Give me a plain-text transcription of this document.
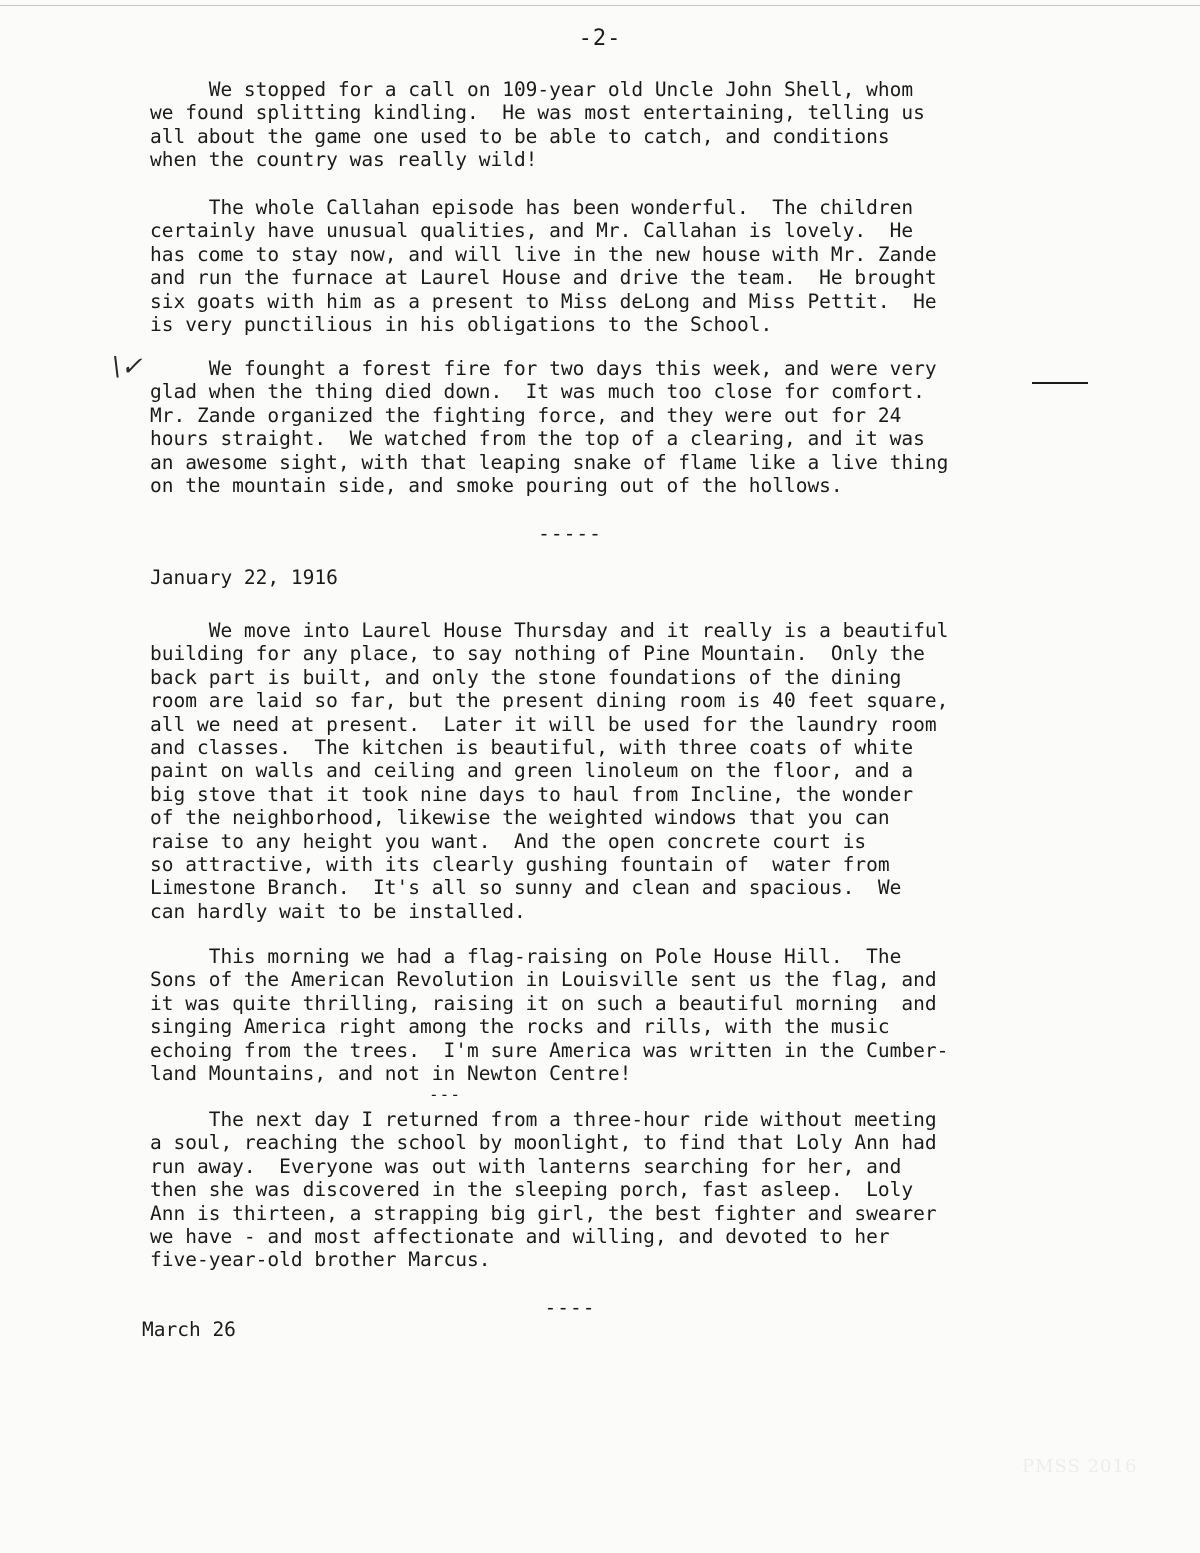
-2-
We stopped for a call on 109-year old Uncle John Shell, whom
we found splitting kindling.  He was most entertaining, telling us
all about the game one used to be able to catch, and conditions
when the country was really wild!
The whole Callahan episode has been wonderful.  The children
certainly have unusual qualities, and Mr. Callahan is lovely.  He
has come to stay now, and will live in the new house with Mr. Zande
and run the furnace at Laurel House and drive the team.  He brought
six goats with him as a present to Miss deLong and Miss Pettit.  He
is very punctilious in his obligations to the School.
\✓	We founght a forest fire for two days this week, and were very
glad when the thing died down.  It was much too close for comfort.
Mr. Zande organized the fighting force, and they were out for 24
hours straight.  We watched from the top of a clearing, and it was
an awesome sight, with that leaping snake of flame like a live thing
on the mountain side, and smoke pouring out of the hollows.
-----
January 22, 1916
We move into Laurel House Thursday and it really is a beautiful
building for any place, to say nothing of Pine Mountain.  Only the
back part is built, and only the stone foundations of the dining
room are laid so far, but the present dining room is 40 feet square,
all we need at present.  Later it will be used for the laundry room
and classes.  The kitchen is beautiful, with three coats of white
paint on walls and ceiling and green linoleum on the floor, and a
big stove that it took nine days to haul from Incline, the wonder
of the neighborhood, likewise the weighted windows that you can
raise to any height you want.  And the open concrete court is
so attractive, with its clearly gushing fountain of  water from
Limestone Branch.  It's all so sunny and clean and spacious.  We
can hardly wait to be installed.
This morning we had a flag-raising on Pole House Hill.  The
Sons of the American Revolution in Louisville sent us the flag, and
it was quite thrilling, raising it on such a beautiful morning  and
singing America right among the rocks and rills, with the music
echoing from the trees.  I'm sure America was written in the Cumber-
land Mountains, and not in Newton Centre!
---
The next day I returned from a three-hour ride without meeting
a soul, reaching the school by moonlight, to find that Loly Ann had
run away.  Everyone was out with lanterns searching for her, and
then she was discovered in the sleeping porch, fast asleep.  Loly
Ann is thirteen, a strapping big girl, the best fighter and swearer
we have - and most affectionate and willing, and devoted to her
five-year-old brother Marcus.
----
March 26
PMSS 2016
